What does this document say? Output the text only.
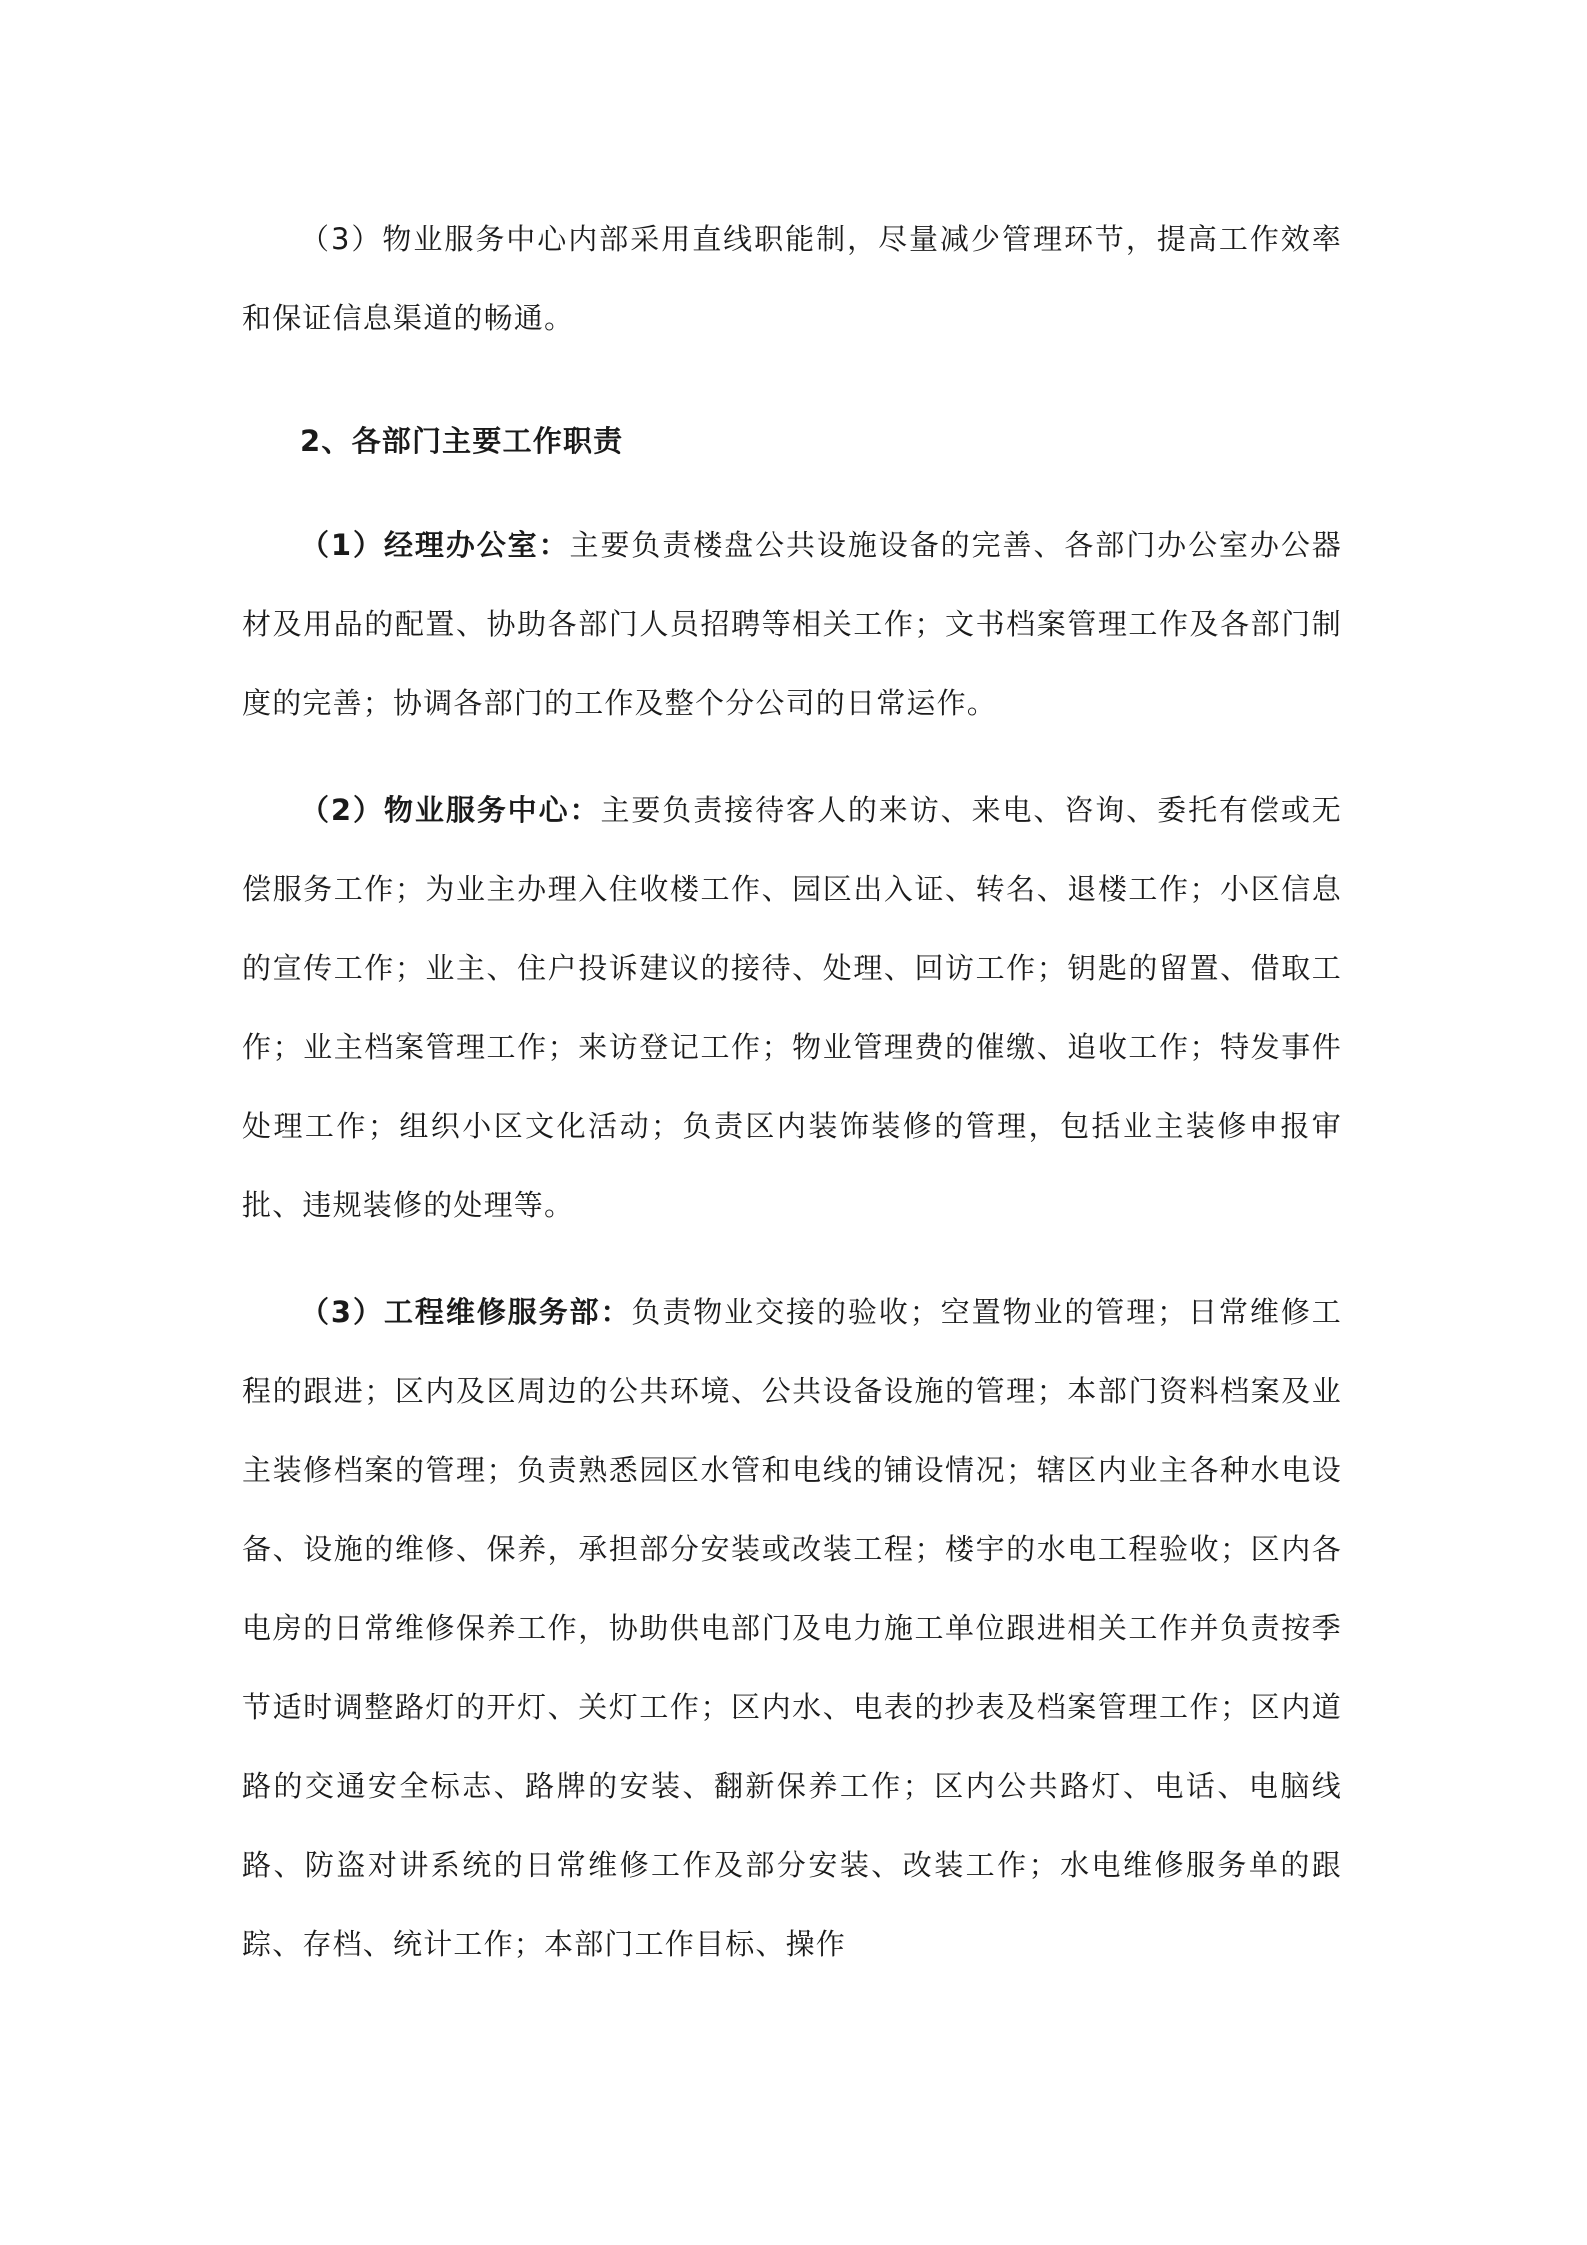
（3）物业服务中心内部采用直线职能制，尽量减少管理环节，提高工作效率和保证信息渠道的畅通。

2、各部门主要工作职责

（1）经理办公室：主要负责楼盘公共设施设备的完善、各部门办公室办公器材及用品的配置、协助各部门人员招聘等相关工作；文书档案管理工作及各部门制度的完善；协调各部门的工作及整个分公司的日常运作。

（2）物业服务中心：主要负责接待客人的来访、来电、咨询、委托有偿或无偿服务工作；为业主办理入住收楼工作、园区出入证、转名、退楼工作；小区信息的宣传工作；业主、住户投诉建议的接待、处理、回访工作；钥匙的留置、借取工作；业主档案管理工作；来访登记工作；物业管理费的催缴、追收工作；特发事件处理工作；组织小区文化活动；负责区内装饰装修的管理，包括业主装修申报审批、违规装修的处理等。

（3）工程维修服务部：负责物业交接的验收；空置物业的管理；日常维修工程的跟进；区内及区周边的公共环境、公共设备设施的管理；本部门资料档案及业主装修档案的管理；负责熟悉园区水管和电线的铺设情况；辖区内业主各种水电设备、设施的维修、保养，承担部分安装或改装工程；楼宇的水电工程验收；区内各电房的日常维修保养工作，协助供电部门及电力施工单位跟进相关工作并负责按季节适时调整路灯的开灯、关灯工作；区内水、电表的抄表及档案管理工作；区内道路的交通安全标志、路牌的安装、翻新保养工作；区内公共路灯、电话、电脑线路、防盗对讲系统的日常维修工作及部分安装、改装工作；水电维修服务单的跟踪、存档、统计工作；本部门工作目标、操作
